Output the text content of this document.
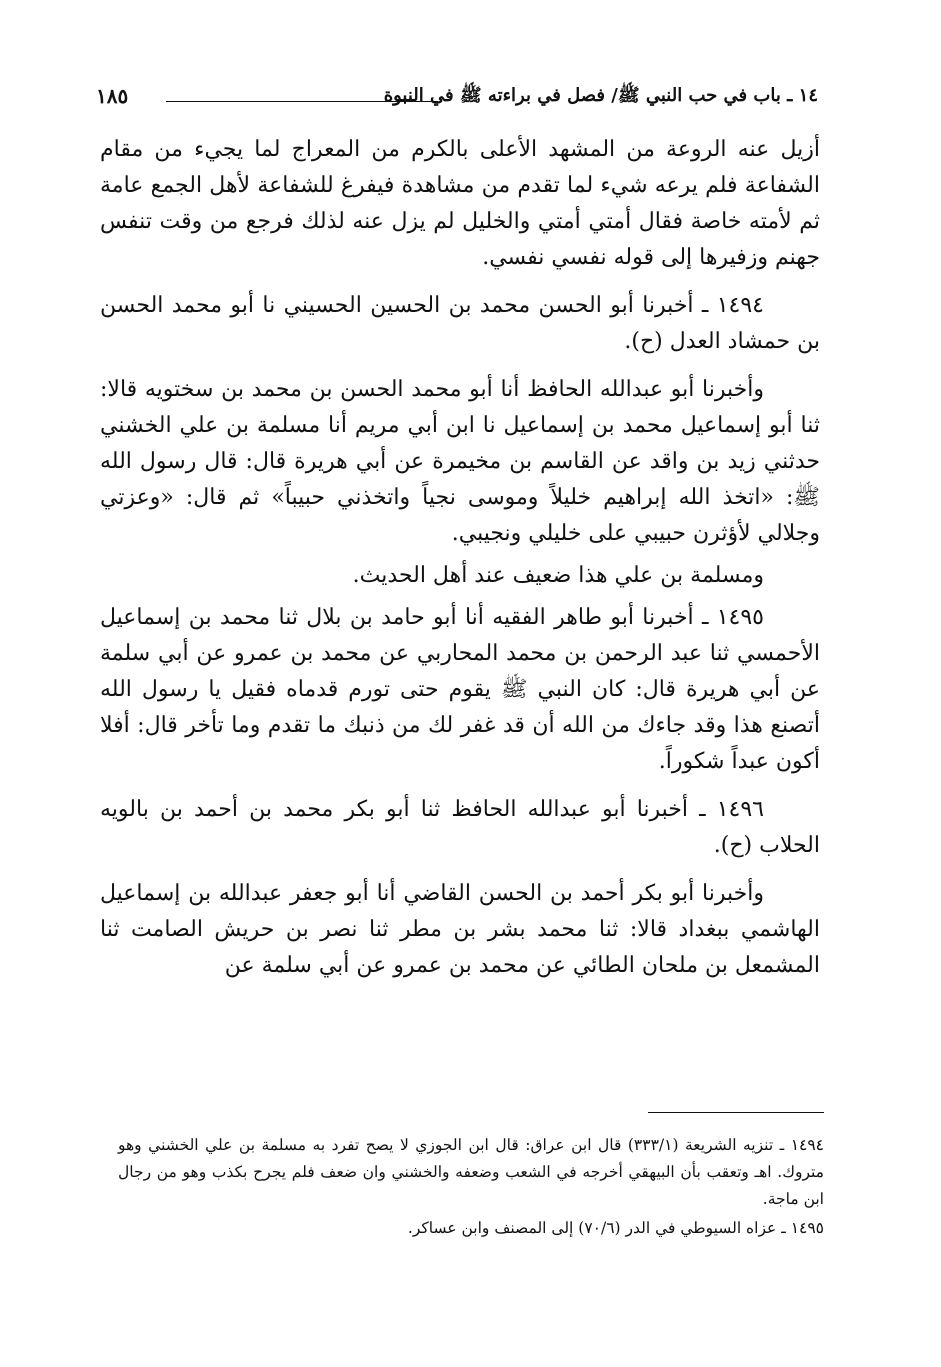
١٤ ـ باب في حب النبي ﷺ/ فصل في براءته ﷺ في النبوة
١٨٥

أزيل عنه الروعة من المشهد الأعلى بالكرم من المعراج لما يجيء من مقام الشفاعة فلم يرعه شيء لما تقدم من مشاهدة فيفرغ للشفاعة لأهل الجمع عامة ثم لأمته خاصة فقال أمتي أمتي والخليل لم يزل عنه لذلك فرجع من وقت تنفس جهنم وزفيرها إلى قوله نفسي نفسي.

١٤٩٤ ـ أخبرنا أبو الحسن محمد بن الحسين الحسيني نا أبو محمد الحسن بن حمشاد العدل (ح).

وأخبرنا أبو عبدالله الحافظ أنا أبو محمد الحسن بن محمد بن سختويه قالا: ثنا أبو إسماعيل محمد بن إسماعيل نا ابن أبي مريم أنا مسلمة بن علي الخشني حدثني زيد بن واقد عن القاسم بن مخيمرة عن أبي هريرة قال: قال رسول الله ﷺ: «اتخذ الله إبراهيم خليلاً وموسى نجياً واتخذني حبيباً» ثم قال: «وعزتي وجلالي لأؤثرن حبيبي على خليلي ونجيبي.

ومسلمة بن علي هذا ضعيف عند أهل الحديث.

١٤٩٥ ـ أخبرنا أبو طاهر الفقيه أنا أبو حامد بن بلال ثنا محمد بن إسماعيل الأحمسي ثنا عبد الرحمن بن محمد المحاربي عن محمد بن عمرو عن أبي سلمة عن أبي هريرة قال: كان النبي ﷺ يقوم حتى تورم قدماه فقيل يا رسول الله أتصنع هذا وقد جاءك من الله أن قد غفر لك من ذنبك ما تقدم وما تأخر قال: أفلا أكون عبداً شكوراً.

١٤٩٦ ـ أخبرنا أبو عبدالله الحافظ ثنا أبو بكر محمد بن أحمد بن بالويه الحلاب (ح).

وأخبرنا أبو بكر أحمد بن الحسن القاضي أنا أبو جعفر عبدالله بن إسماعيل الهاشمي ببغداد قالا: ثنا محمد بشر بن مطر ثنا نصر بن حريش الصامت ثنا المشمعل بن ملحان الطائي عن محمد بن عمرو عن أبي سلمة عن

١٤٩٤ ـ تنزيه الشريعة (٣٣٣/١) قال ابن عراق: قال ابن الجوزي لا يصح تفرد به مسلمة بن علي الخشني وهو متروك. اهـ وتعقب بأن البيهقي أخرجه في الشعب وضعفه والخشني وان ضعف فلم يجرح بكذب وهو من رجال ابن ماجة.

١٤٩٥ ـ عزاه السيوطي في الدر (٧٠/٦) إلى المصنف وابن عساكر.
